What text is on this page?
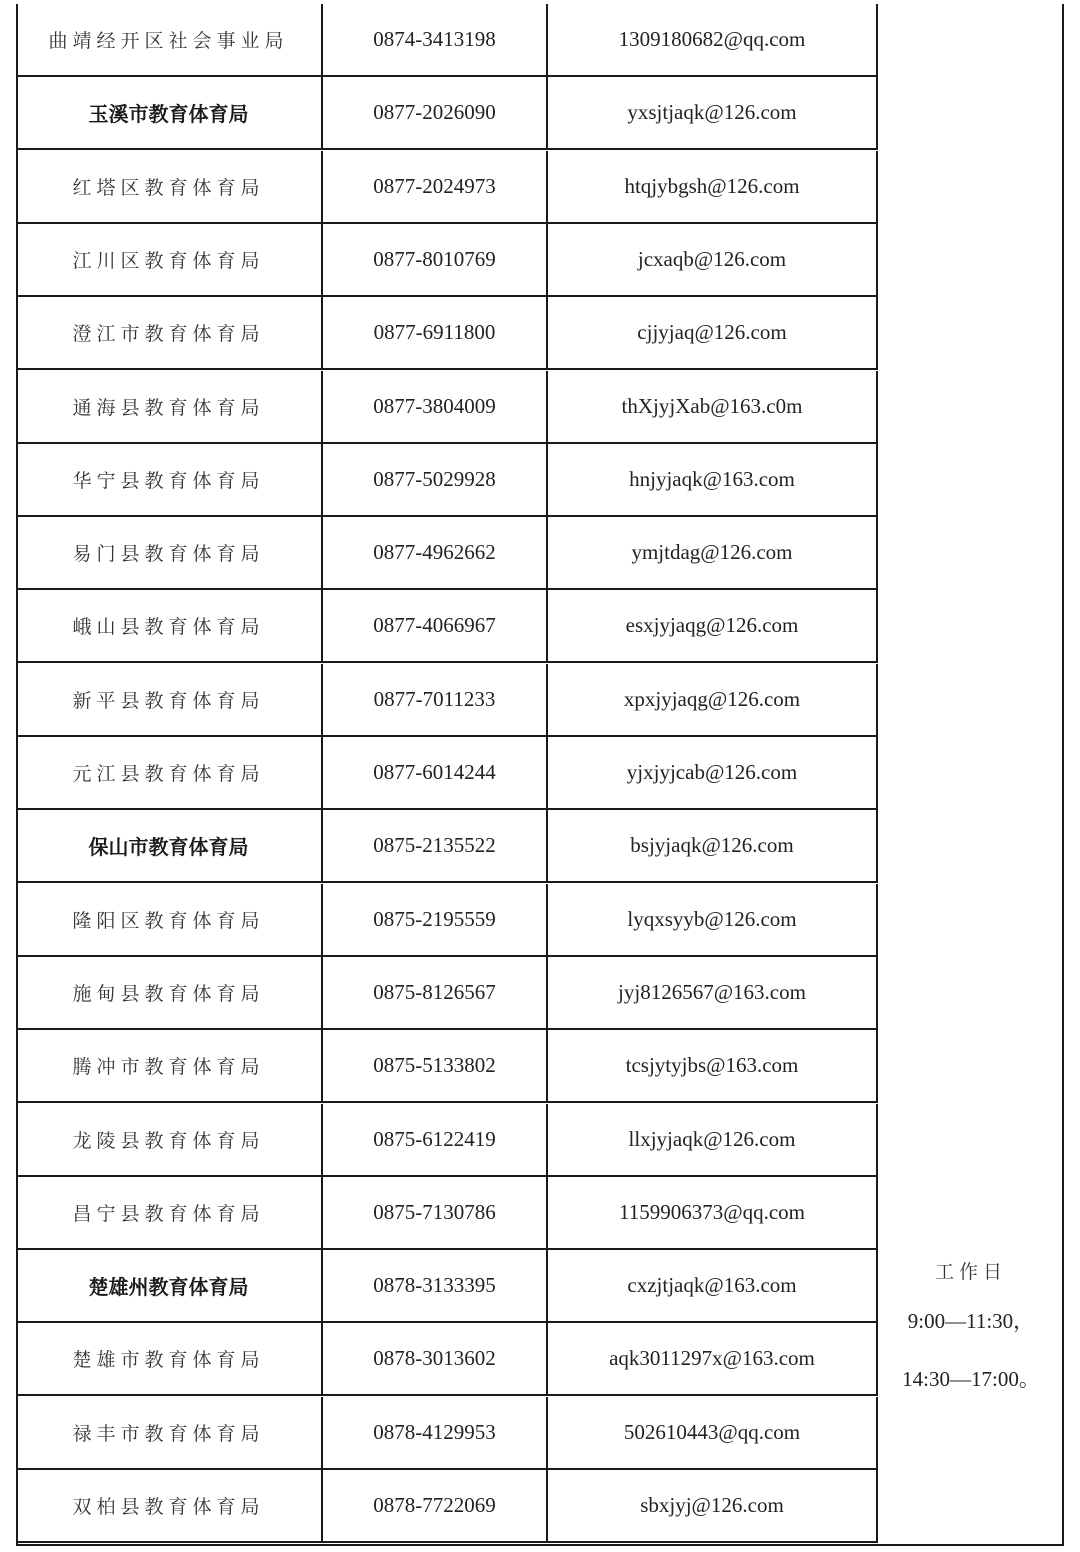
曲靖经开区社会事业局	0874-3413198	1309180682@qq.com
玉溪市教育体育局	0877-2026090	yxsjtjaqk@126.com
红塔区教育体育局	0877-2024973	htqjybgsh@126.com
江川区教育体育局	0877-8010769	jcxaqb@126.com
澄江市教育体育局	0877-6911800	cjjyjaq@126.com
通海县教育体育局	0877-3804009	thXjyjXab@163.c0m
华宁县教育体育局	0877-5029928	hnjyjaqk@163.com
易门县教育体育局	0877-4962662	ymjtdag@126.com
峨山县教育体育局	0877-4066967	esxjyjaqg@126.com
新平县教育体育局	0877-7011233	xpxjyjaqg@126.com
元江县教育体育局	0877-6014244	yjxjyjcab@126.com
保山市教育体育局	0875-2135522	bsjyjaqk@126.com
隆阳区教育体育局	0875-2195559	lyqxsyyb@126.com
施甸县教育体育局	0875-8126567	jyj8126567@163.com
腾冲市教育体育局	0875-5133802	tcsjytyjbs@163.com
龙陵县教育体育局	0875-6122419	llxjyjaqk@126.com
昌宁县教育体育局	0875-7130786	1159906373@qq.com
楚雄州教育体育局	0878-3133395	cxzjtjaqk@163.com
楚雄市教育体育局	0878-3013602	aqk3011297x@163.com
禄丰市教育体育局	0878-4129953	502610443@qq.com
双柏县教育体育局	0878-7722069	sbxjyj@126.com
工作日
9:00—11:30，
14:30—17:00。
